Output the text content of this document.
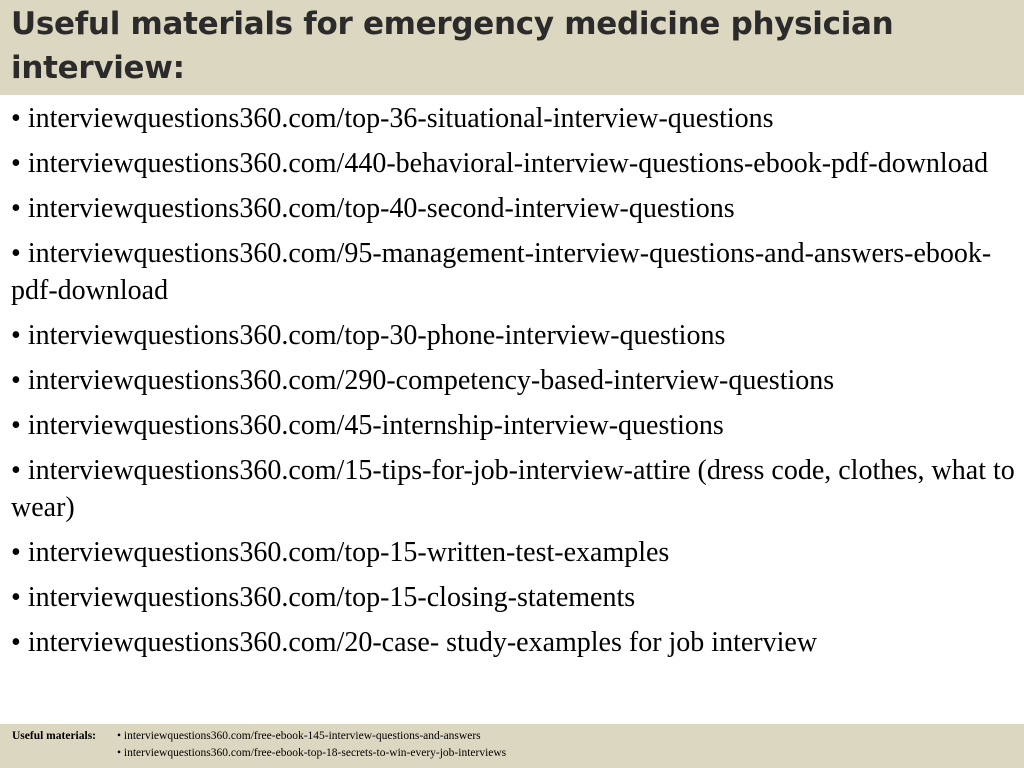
Useful materials for emergency medicine physician interview:
• interviewquestions360.com/top-36-situational-interview-questions
• interviewquestions360.com/440-behavioral-interview-questions-ebook-pdf-download
• interviewquestions360.com/top-40-second-interview-questions
• interviewquestions360.com/95-management-interview-questions-and-answers-ebook-pdf-download
• interviewquestions360.com/top-30-phone-interview-questions
• interviewquestions360.com/290-competency-based-interview-questions
• interviewquestions360.com/45-internship-interview-questions
• interviewquestions360.com/15-tips-for-job-interview-attire (dress code, clothes, what to wear)
• interviewquestions360.com/top-15-written-test-examples
• interviewquestions360.com/top-15-closing-statements
• interviewquestions360.com/20-case- study-examples for job interview
Useful materials: • interviewquestions360.com/free-ebook-145-interview-questions-and-answers
• interviewquestions360.com/free-ebook-top-18-secrets-to-win-every-job-interviews
